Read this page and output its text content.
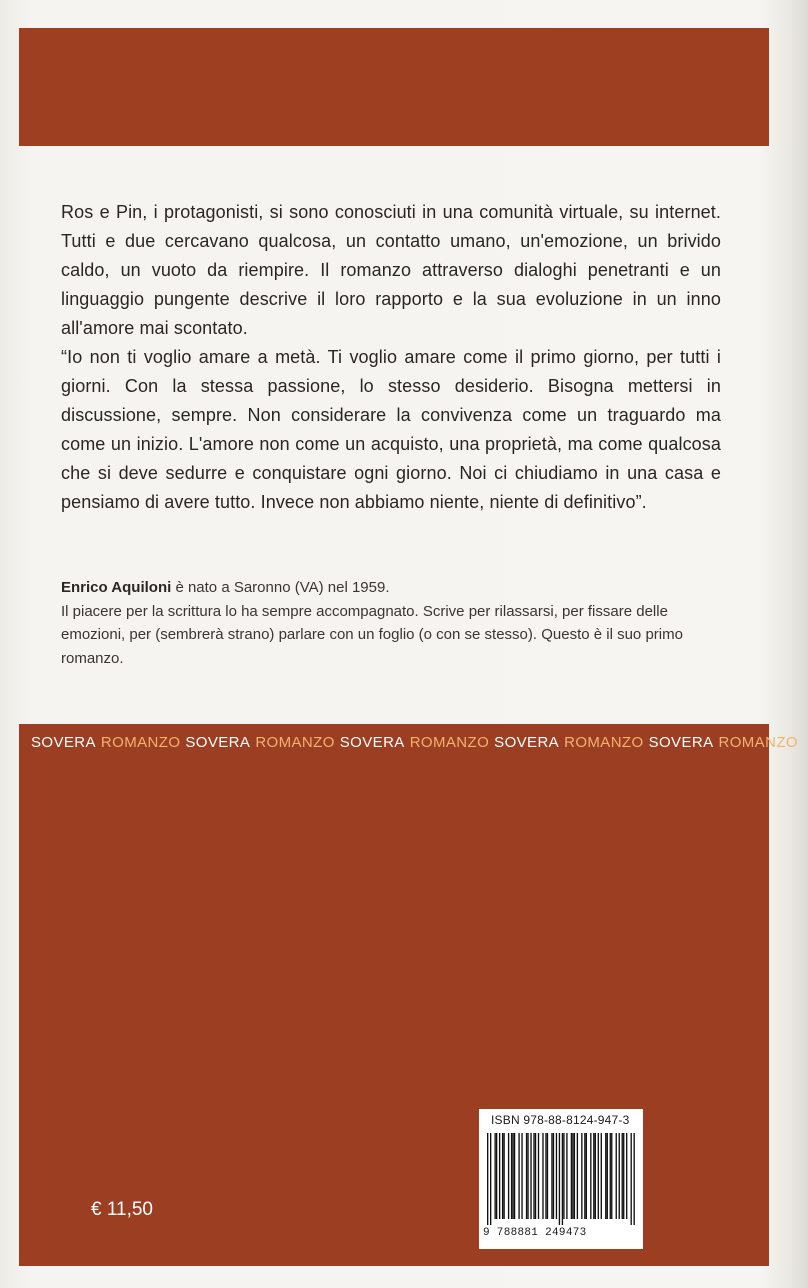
Ros e Pin, i protagonisti, si sono conosciuti in una comunità virtuale, su internet. Tutti e due cercavano qualcosa, un contatto umano, un'emozione, un brivido caldo, un vuoto da riempire. Il romanzo attraverso dialoghi penetranti e un linguaggio pungente descrive il loro rapporto e la sua evoluzione in un inno all'amore mai scontato.

“Io non ti voglio amare a metà. Ti voglio amare come il primo giorno, per tutti i giorni. Con la stessa passione, lo stesso desiderio. Bisogna mettersi in discussione, sempre. Non considerare la convivenza come un traguardo ma come un inizio. L'amore non come un acquisto, una proprietà, ma come qualcosa che si deve sedurre e conquistare ogni giorno. Noi ci chiudiamo in una casa e pensiamo di avere tutto. Invece non abbiamo niente, niente di definitivo”.

Enrico Aquiloni è nato a Saronno (VA) nel 1959.

Il piacere per la scrittura lo ha sempre accompagnato. Scrive per rilassarsi, per fissare delle emozioni, per (sembrerà strano) parlare con un foglio (o con se stesso). Questo è il suo primo romanzo.

SOVERA ROMANZO SOVERA ROMANZO SOVERA ROMANZO SOVERA ROMANZO SOVERA ROMANZO
€ 11,50
ISBN 978-88-8124-947-3
9 788881 249473
